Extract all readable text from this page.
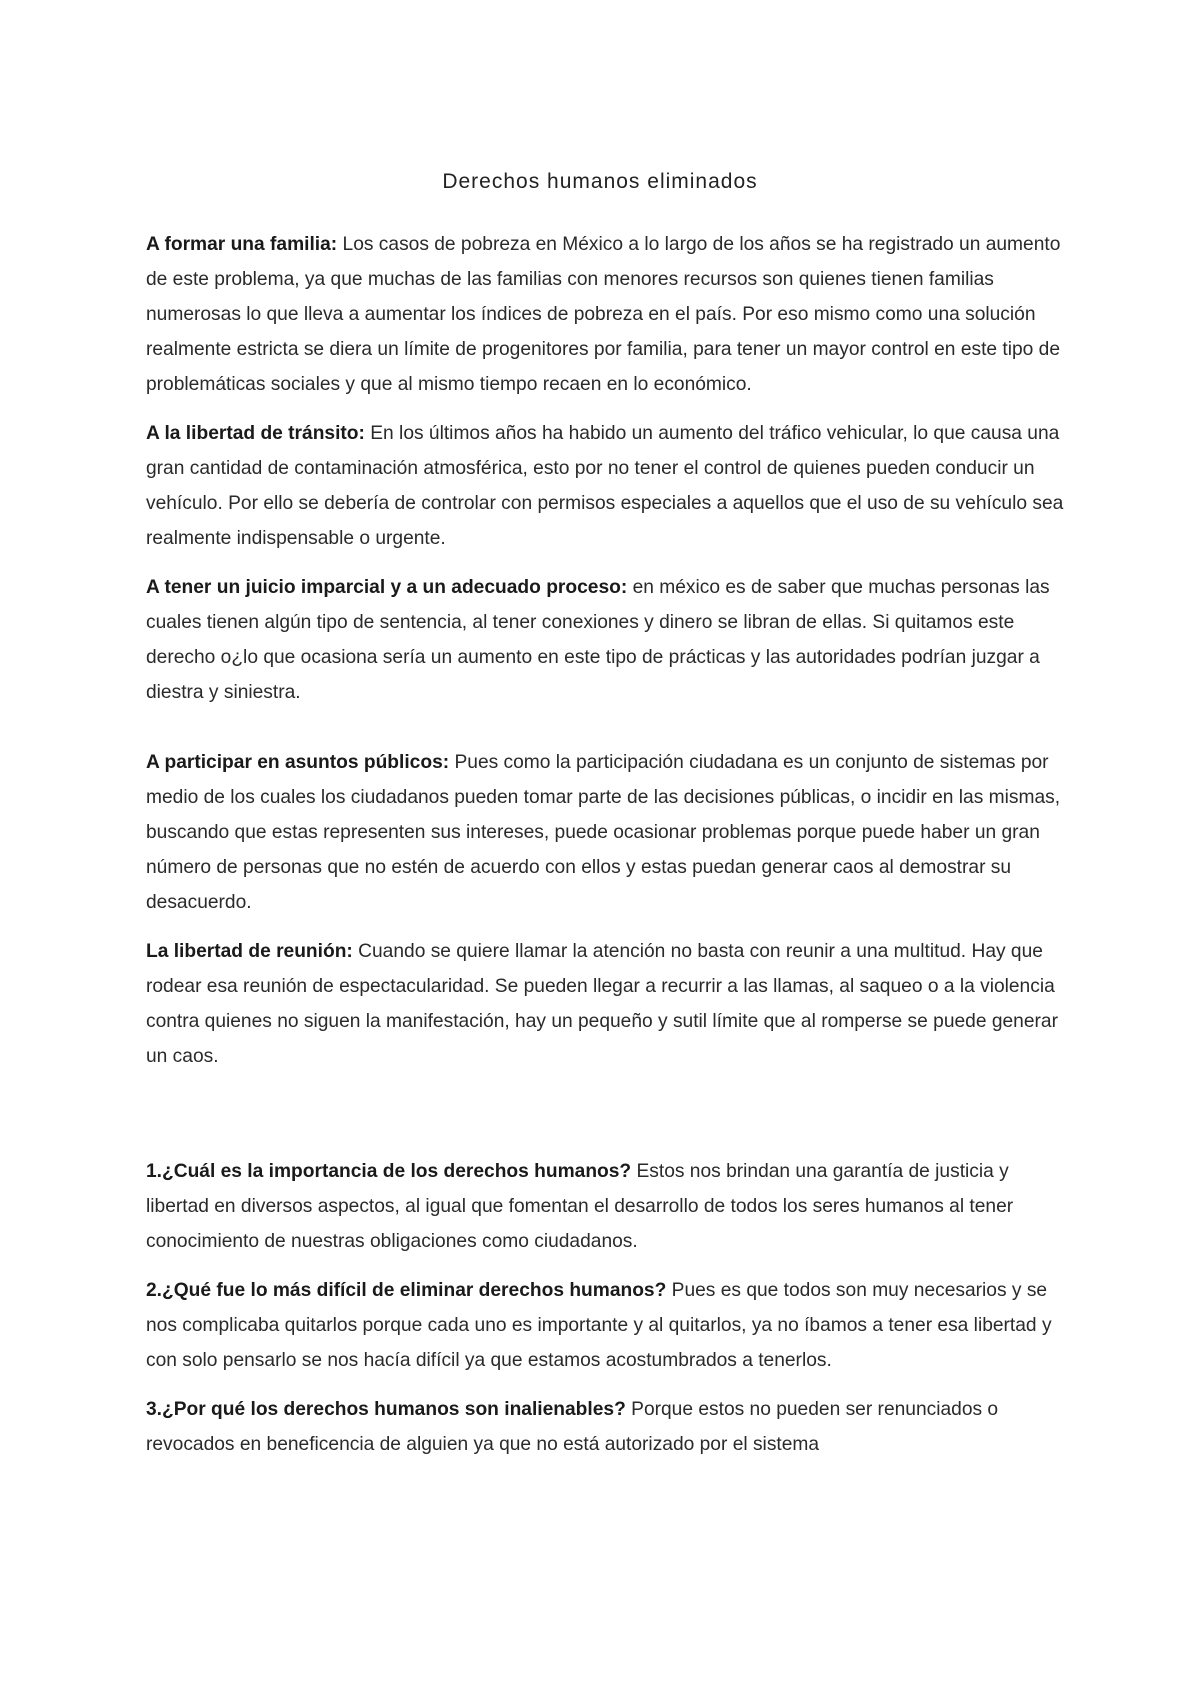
Derechos humanos eliminados

A formar una familia: Los casos de pobreza en México a lo largo de los años se ha registrado un aumento de este problema, ya que muchas de las familias con menores recursos son quienes tienen familias numerosas lo que lleva a aumentar los índices de pobreza en el país. Por eso mismo como una solución realmente estricta se diera un límite de progenitores por familia, para tener un mayor control en este tipo de problemáticas sociales y que al mismo tiempo recaen en lo económico.

A la libertad de tránsito: En los últimos años ha habido un aumento del tráfico vehicular, lo que causa una gran cantidad de contaminación atmosférica, esto por no tener el control de quienes pueden conducir un vehículo. Por ello se debería de controlar con permisos especiales a aquellos que el uso de su vehículo sea realmente indispensable o urgente.

A tener un juicio imparcial y a un adecuado proceso: en méxico es de saber que muchas personas las cuales tienen algún tipo de sentencia, al tener conexiones y dinero se libran de ellas. Si quitamos este derecho o¿lo que ocasiona sería un aumento en este tipo de prácticas y las autoridades podrían juzgar a diestra y siniestra.

A participar en asuntos públicos: Pues como la participación ciudadana es un conjunto de sistemas por medio de los cuales los ciudadanos pueden tomar parte de las decisiones públicas, o incidir en las mismas, buscando que estas representen sus intereses, puede ocasionar problemas porque puede haber un gran número de personas que no estén de acuerdo con ellos y estas puedan generar caos al demostrar su desacuerdo.

La libertad de reunión: Cuando se quiere llamar la atención no basta con reunir a una multitud. Hay que rodear esa reunión de espectacularidad. Se pueden llegar a recurrir a las llamas, al saqueo o a la violencia contra quienes no siguen la manifestación, hay un pequeño y sutil límite que al romperse se puede generar un caos.

1.¿Cuál es la importancia de los derechos humanos? Estos nos brindan una garantía de justicia y libertad en diversos aspectos, al igual que fomentan el desarrollo de todos los seres humanos al tener conocimiento de nuestras obligaciones como ciudadanos.

2.¿Qué fue lo más difícil de eliminar derechos humanos? Pues es que todos son muy necesarios y se nos complicaba quitarlos porque cada uno es importante y al quitarlos, ya no íbamos a tener esa libertad y con solo pensarlo se nos hacía difícil ya que estamos acostumbrados a tenerlos.

3.¿Por qué los derechos humanos son inalienables? Porque estos no pueden ser renunciados o revocados en beneficencia de alguien ya que no está autorizado por el sistema
